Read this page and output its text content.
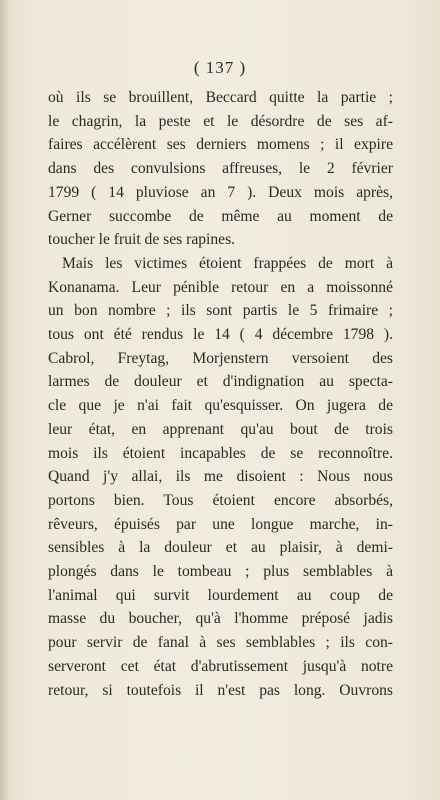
( 137 )
où ils se brouillent, Beccard quitte la partie ;
le chagrin, la peste et le désordre de ses af-
faires accélèrent ses derniers momens ; il expire
dans des convulsions affreuses, le 2 février
1799 ( 14 pluviose an 7 ). Deux mois après,
Gerner succombe de même au moment de
toucher le fruit de ses rapines.
Mais les victimes étoient frappées de mort à
Konanama. Leur pénible retour en a moissonné
un bon nombre ; ils sont partis le 5 frimaire ;
tous ont été rendus le 14 ( 4 décembre 1798 ).
Cabrol, Freytag, Morjenstern versoient des
larmes de douleur et d'indignation au specta-
cle que je n'ai fait qu'esquisser. On jugera de
leur état, en apprenant qu'au bout de trois
mois ils étoient incapables de se reconnoître.
Quand j'y allai, ils me disoient : Nous nous
portons bien. Tous étoient encore absorbés,
rêveurs, épuisés par une longue marche, in-
sensibles à la douleur et au plaisir, à demi-
plongés dans le tombeau ; plus semblables à
l'animal qui survit lourdement au coup de
masse du boucher, qu'à l'homme préposé jadis
pour servir de fanal à ses semblables ; ils con-
serveront cet état d'abrutissement jusqu'à notre
retour, si toutefois il n'est pas long. Ouvrons
